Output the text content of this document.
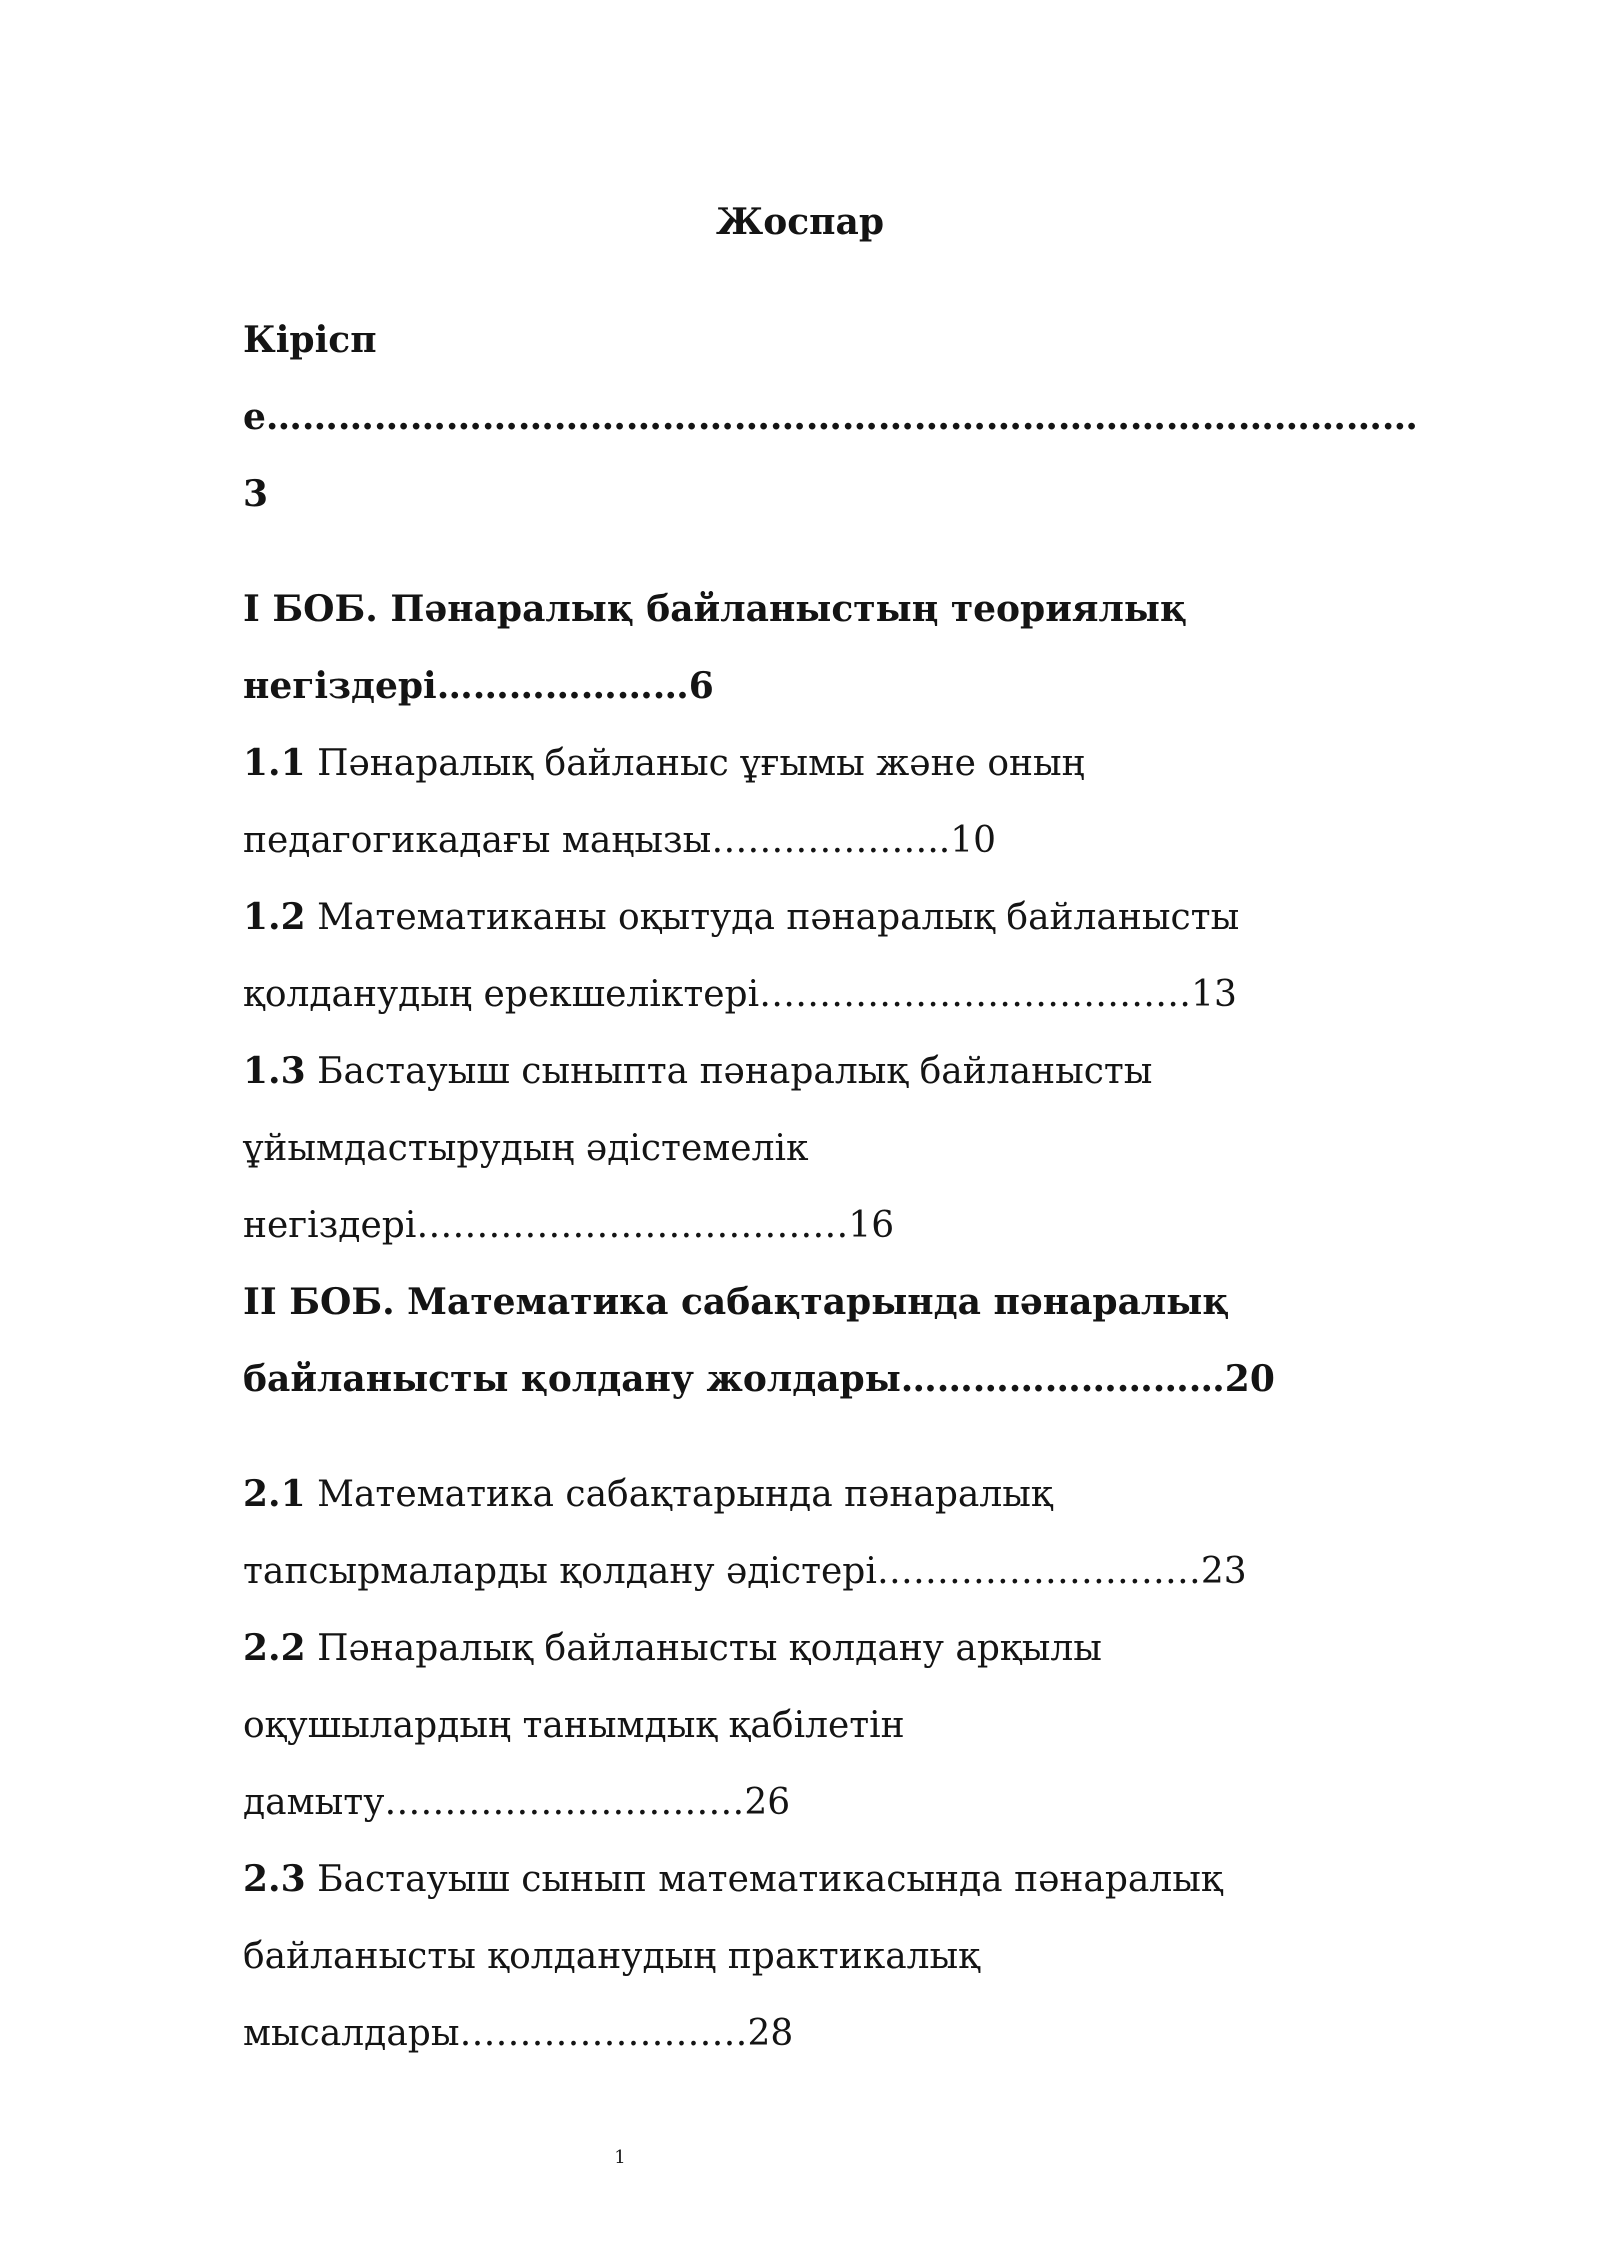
Жоспар

Кіріспе……………………………………………………………………………………3

І БОБ. Пәнаралық байланыстың теориялық

негіздері…………………6

1.1 Пәнаралық байланыс ұғымы және оның

педагогикадағы маңызы………………..10

1.2 Математиканы оқытуда пәнаралық байланысты

қолданудың ерекшеліктері………………………………13

1.3 Бастауыш сыныпта пәнаралық байланысты

ұйымдастырудың әдістемелік

негіздері………………………………16

ІІ БОБ. Математика сабақтарында пәнаралық

байланысты қолдану жолдары………………………20

2.1 Математика сабақтарында пәнаралық

тапсырмаларды қолдану әдістері………………………23

2.2 Пәнаралық байланысты қолдану арқылы

оқушылардың танымдық қабілетін

дамыту…………………………26

2.3 Бастауыш сынып математикасында пәнаралық

байланысты қолданудың практикалық

мысалдары……………………28

1
